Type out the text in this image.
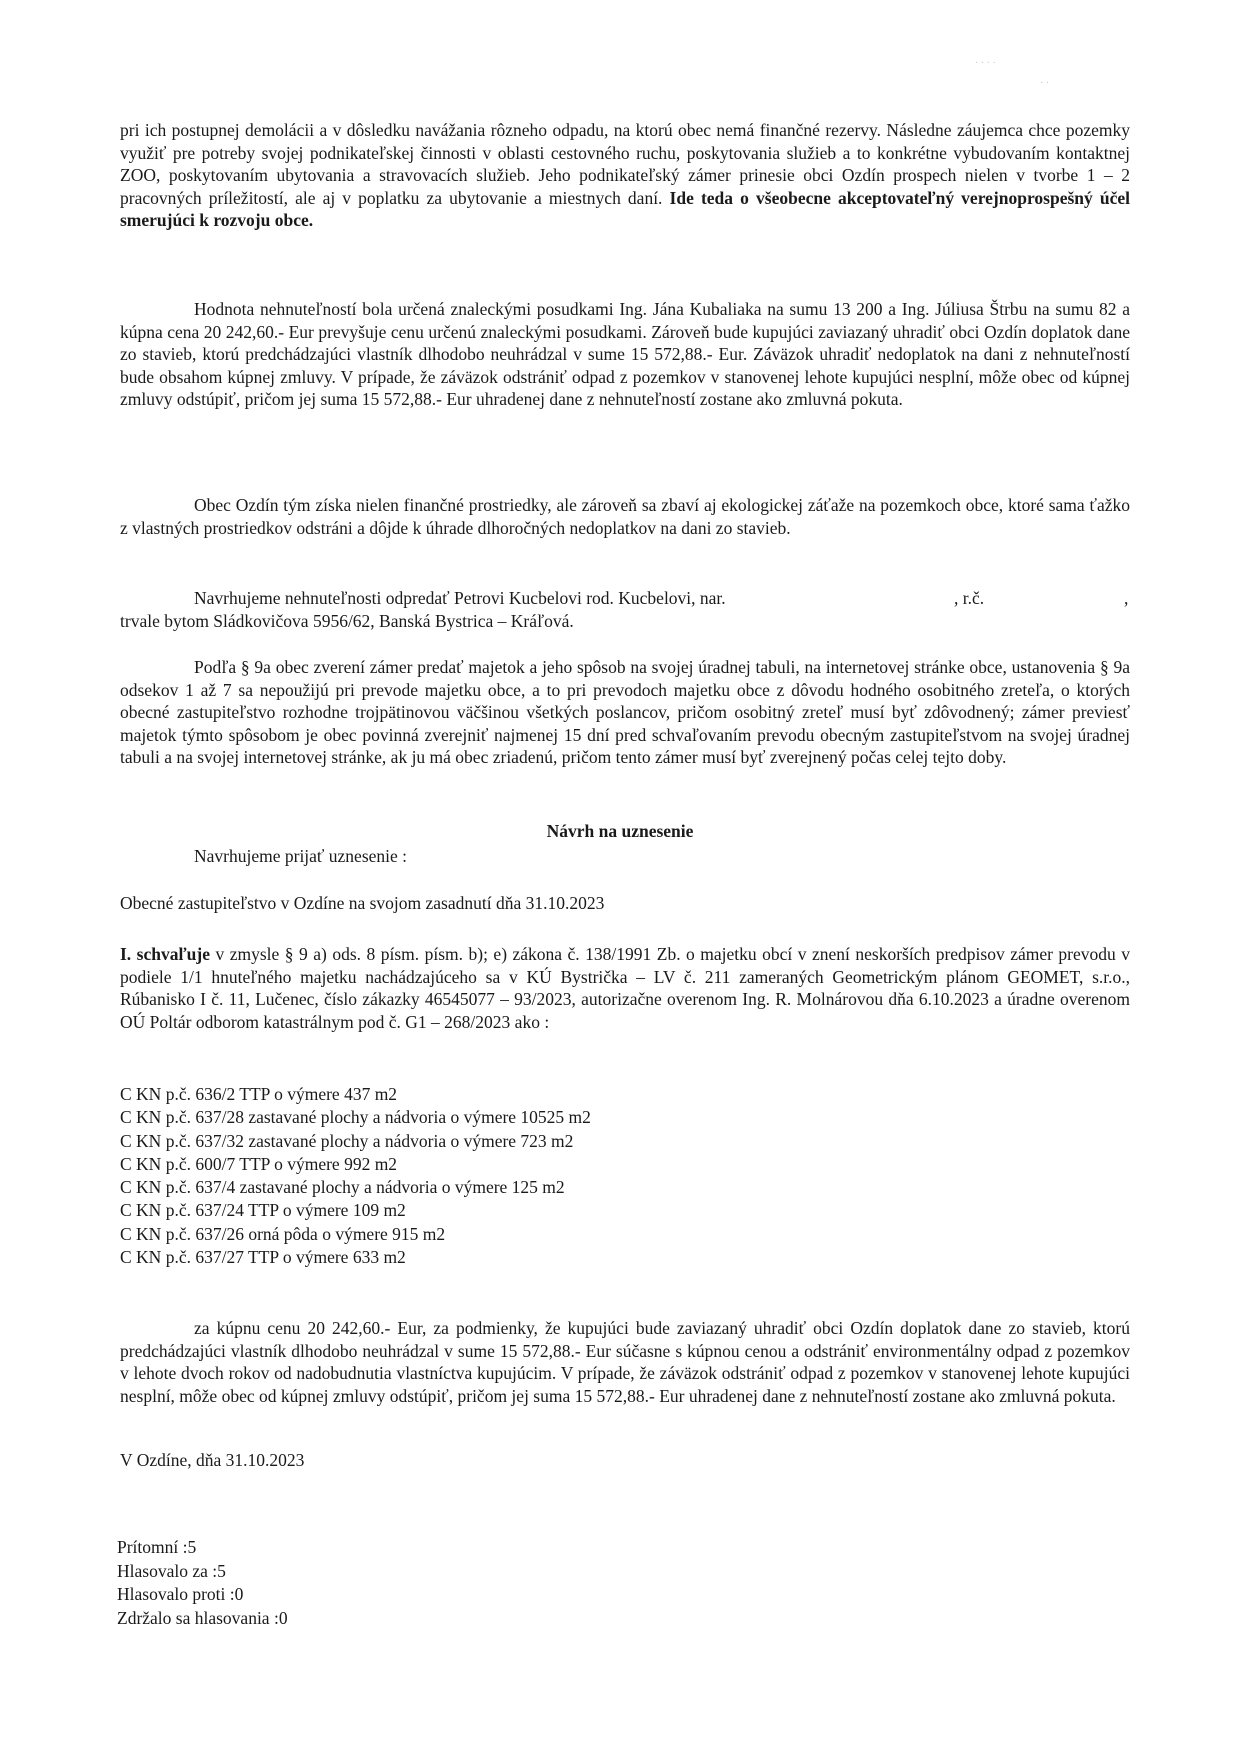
· · · ·
· ·

pri ich postupnej demolácii a v dôsledku navážania rôzneho odpadu, na ktorú obec nemá finančné rezervy. Následne záujemca chce pozemky využiť pre potreby svojej podnikateľskej činnosti v oblasti cestovného ruchu, poskytovania služieb a to konkrétne vybudovaním kontaktnej ZOO, poskytovaním ubytovania a stravovacích služieb. Jeho podnikateľský zámer prinesie obci Ozdín prospech nielen v tvorbe 1 – 2 pracovných príležitostí, ale aj v poplatku za ubytovanie a miestnych daní. Ide teda o všeobecne akceptovateľný verejnoprospešný účel smerujúci k rozvoju obce.

Hodnota nehnuteľností bola určená znaleckými posudkami Ing. Jána Kubaliaka na sumu 13 200 a Ing. Júliusa Štrbu na sumu 82 a kúpna cena 20 242,60.- Eur prevyšuje cenu určenú znaleckými posudkami. Zároveň bude kupujúci zaviazaný uhradiť obci Ozdín doplatok dane zo stavieb, ktorú predchádzajúci vlastník dlhodobo neuhrádzal v sume 15 572,88.- Eur. Záväzok uhradiť nedoplatok na dani z nehnuteľností bude obsahom kúpnej zmluvy. V prípade, že záväzok odstrániť odpad z pozemkov v stanovenej lehote kupujúci nesplní, môže obec od kúpnej zmluvy odstúpiť, pričom jej suma 15 572,88.- Eur uhradenej dane z nehnuteľností zostane ako zmluvná pokuta.

Obec Ozdín tým získa nielen finančné prostriedky, ale zároveň sa zbaví aj ekologickej záťaže na pozemkoch obce, ktoré sama ťažko z vlastných prostriedkov odstráni a dôjde k úhrade dlhoročných nedoplatkov na dani zo stavieb.

Navrhujeme nehnuteľnosti odpredať Petrovi Kucbelovi rod. Kucbelovi, nar.	, r.č.	,
trvale bytom Sládkovičova 5956/62, Banská Bystrica – Kráľová.

Podľa § 9a obec zverení zámer predať majetok a jeho spôsob na svojej úradnej tabuli, na internetovej stránke obce, ustanovenia § 9a odsekov 1 až 7 sa nepoužijú pri prevode majetku obce, a to pri prevodoch majetku obce z dôvodu hodného osobitného zreteľa, o ktorých obecné zastupiteľstvo rozhodne trojpätinovou väčšinou všetkých poslancov, pričom osobitný zreteľ musí byť zdôvodnený; zámer previesť majetok týmto spôsobom je obec povinná zverejniť najmenej 15 dní pred schvaľovaním prevodu obecným zastupiteľstvom na svojej úradnej tabuli a na svojej internetovej stránke, ak ju má obec zriadenú, pričom tento zámer musí byť zverejnený počas celej tejto doby.

Návrh na uznesenie
Navrhujeme prijať uznesenie :
Obecné zastupiteľstvo v Ozdíne na svojom zasadnutí dňa 31.10.2023

I. schvaľuje v zmysle § 9 a) ods. 8 písm. písm. b); e) zákona č. 138/1991 Zb. o majetku obcí v znení neskorších predpisov zámer prevodu v podiele 1/1 hnuteľného majetku nachádzajúceho sa v KÚ Bystrička – LV č. 211 zameraných Geometrickým plánom GEOMET, s.r.o., Rúbanisko I č. 11, Lučenec, číslo zákazky 46545077 – 93/2023, autorizačne overenom Ing. R. Molnárovou dňa 6.10.2023 a úradne overenom OÚ Poltár odborom katastrálnym pod č. G1 – 268/2023 ako :

C KN p.č. 636/2 TTP o výmere 437 m2
C KN p.č. 637/28 zastavané plochy a nádvoria o výmere 10525 m2
C KN p.č. 637/32 zastavané plochy a nádvoria o výmere 723 m2
C KN p.č. 600/7 TTP o výmere 992 m2
C KN p.č. 637/4 zastavané plochy a nádvoria o výmere 125 m2
C KN p.č. 637/24 TTP o výmere 109 m2
C KN p.č. 637/26 orná pôda o výmere 915 m2
C KN p.č. 637/27 TTP o výmere 633 m2

za kúpnu cenu 20 242,60.- Eur, za podmienky, že kupujúci bude zaviazaný uhradiť obci Ozdín doplatok dane zo stavieb, ktorú predchádzajúci vlastník dlhodobo neuhrádzal v sume 15 572,88.- Eur súčasne s kúpnou cenou a odstrániť environmentálny odpad z pozemkov v lehote dvoch rokov od nadobudnutia vlastníctva kupujúcim. V prípade, že záväzok odstrániť odpad z pozemkov v stanovenej lehote kupujúci nesplní, môže obec od kúpnej zmluvy odstúpiť, pričom jej suma 15 572,88.- Eur uhradenej dane z nehnuteľností zostane ako zmluvná pokuta.

V Ozdíne, dňa 31.10.2023
Prítomní :5
Hlasovalo za :5
Hlasovalo proti :0
Zdržalo sa hlasovania :0
